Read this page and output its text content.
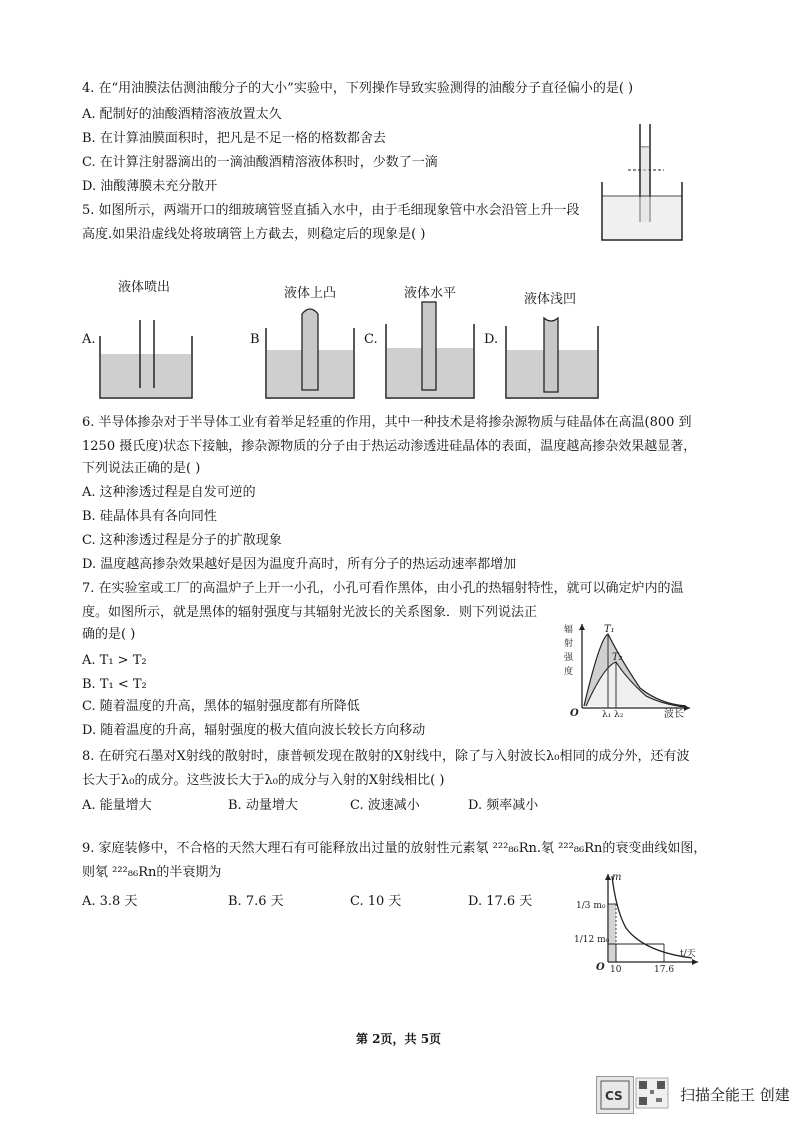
4. 在“用油膜法估测油酸分子的大小”实验中，下列操作导致实验测得的油酸分子直径偏小的是( )
A. 配制好的油酸酒精溶液放置太久
B. 在计算油膜面积时，把凡是不足一格的格数都舍去
C. 在计算注射器滴出的一滴油酸酒精溶液体积时，少数了一滴
D. 油酸薄膜未充分散开
5. 如图所示，两端开口的细玻璃管竖直插入水中，由于毛细现象管中水会沿管上升一段
高度.如果沿虚线处将玻璃管上方截去，则稳定后的现象是( )
液体喷出
A.
液体上凸
B
液体水平
C.
液体浅凹
D.
6. 半导体掺杂对于半导体工业有着举足轻重的作用，其中一种技术是将掺杂源物质与硅晶体在高温(800 到
1250 摄氏度)状态下接触，掺杂源物质的分子由于热运动渗透进硅晶体的表面，温度越高掺杂效果越显著，
下列说法正确的是( )
A. 这种渗透过程是自发可逆的
B. 硅晶体具有各向同性
C. 这种渗透过程是分子的扩散现象
D. 温度越高掺杂效果越好是因为温度升高时，所有分子的热运动速率都增加
7. 在实验室或工厂的高温炉子上开一小孔，小孔可看作黑体，由小孔的热辐射特性，就可以确定炉内的温
度。如图所示，就是黑体的辐射强度与其辐射光波长的关系图象．则下列说法正
确的是( )
A. T₁ > T₂
B. T₁ < T₂
C. 随着温度的升高，黑体的辐射强度都有所降低
D. 随着温度的升高，辐射强度的极大值向波长较长方向移动
辐
射
强
度
T₁
T₂
O	λ₁ λ₂	波长
8. 在研究石墨对X射线的散射时，康普顿发现在散射的X射线中，除了与入射波长λ₀相同的成分外，还有波
长大于λ₀的成分。这些波长大于λ₀的成分与入射的X射线相比( )
A. 能量增大	B. 动量增大	C. 波速减小	D. 频率减小
9. 家庭装修中，不合格的天然大理石有可能释放出过量的放射性元素氡 ²²²₈₆Rn.氡 ²²²₈₆Rn的衰变曲线如图，
则氡 ²²²₈₆Rn的半衰期为
A. 3.8 天	B. 7.6 天	C. 10 天	D. 17.6 天
m
1/3 m₀
1/12 m₀
O 10	17.6
t/天
第 2页，共 5页
CS	扫描全能王 创建
